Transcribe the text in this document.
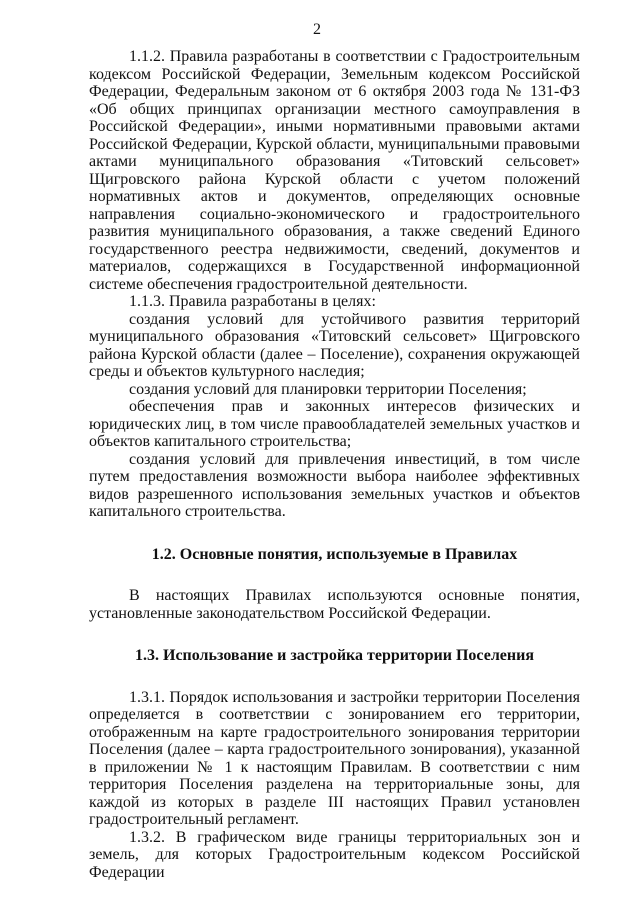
2

1.1.2. Правила разработаны в соответствии с Градостроительным кодексом Российской Федерации, Земельным кодексом Российской Федерации, Федеральным законом от 6 октября 2003 года № 131-ФЗ «Об общих принципах организации местного самоуправления в Российской Федерации», иными нормативными правовыми актами Российской Федерации, Курской области, муниципальными правовыми актами муниципального образования «Титовский сельсовет» Щигровского района Курской области с учетом положений нормативных актов и документов, определяющих основные направления социально-экономического и градостроительного развития муниципального образования, а также сведений Единого государственного реестра недвижимости, сведений, документов и материалов, содержащихся в Государственной информационной системе обеспечения градостроительной деятельности.

1.1.3. Правила разработаны в целях:

создания условий для устойчивого развития территорий муниципального образования «Титовский сельсовет» Щигровского района Курской области (далее – Поселение), сохранения окружающей среды и объектов культурного наследия;

создания условий для планировки территории Поселения;

обеспечения прав и законных интересов физических и юридических лиц, в том числе правообладателей земельных участков и объектов капитального строительства;

создания условий для привлечения инвестиций, в том числе путем предоставления возможности выбора наиболее эффективных видов разрешенного использования земельных участков и объектов капитального строительства.

1.2. Основные понятия, используемые в Правилах

В настоящих Правилах используются основные понятия, установленные законодательством Российской Федерации.

1.3. Использование и застройка территории Поселения

1.3.1. Порядок использования и застройки территории Поселения определяется в соответствии с зонированием его территории, отображенным на карте градостроительного зонирования территории Поселения (далее – карта градостроительного зонирования), указанной в приложении № 1 к настоящим Правилам. В соответствии с ним территория Поселения разделена на территориальные зоны, для каждой из которых в разделе III настоящих Правил установлен градостроительный регламент.

1.3.2. В графическом виде границы территориальных зон и земель, для которых Градостроительным кодексом Российской Федерации
